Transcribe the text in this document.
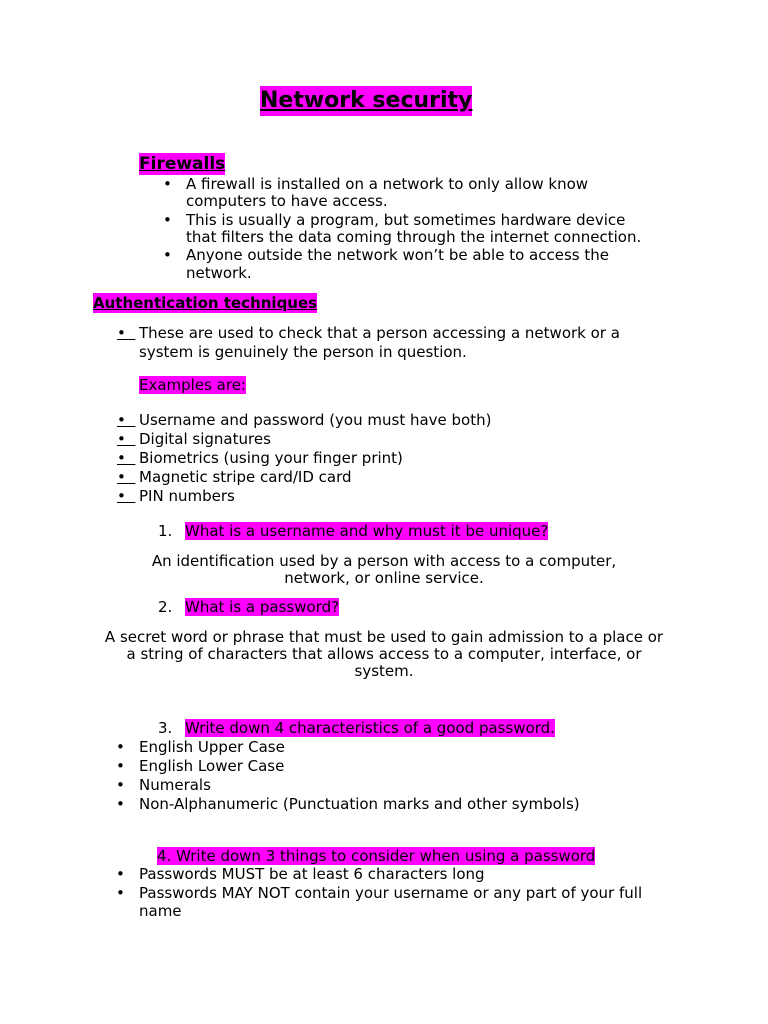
Network security
Firewalls
• A firewall is installed on a network to only allow know
computers to have access.
• This is usually a program, but sometimes hardware device
that filters the data coming through the internet connection.
• Anyone outside the network won’t be able to access the
network.
Authentication techniques
• These are used to check that a person accessing a network or a
system is genuinely the person in question.
Examples are:
• Username and password (you must have both)
• Digital signatures
• Biometrics (using your finger print)
• Magnetic stripe card/ID card
• PIN numbers
1. What is a username and why must it be unique?
An identification used by a person with access to a computer,
network, or online service.
2. What is a password?
A secret word or phrase that must be used to gain admission to a place or
a string of characters that allows access to a computer, interface, or
system.
3. Write down 4 characteristics of a good password.
• English Upper Case
• English Lower Case
• Numerals
• Non-Alphanumeric (Punctuation marks and other symbols)
4. Write down 3 things to consider when using a password
• Passwords MUST be at least 6 characters long
• Passwords MAY NOT contain your username or any part of your full
name
